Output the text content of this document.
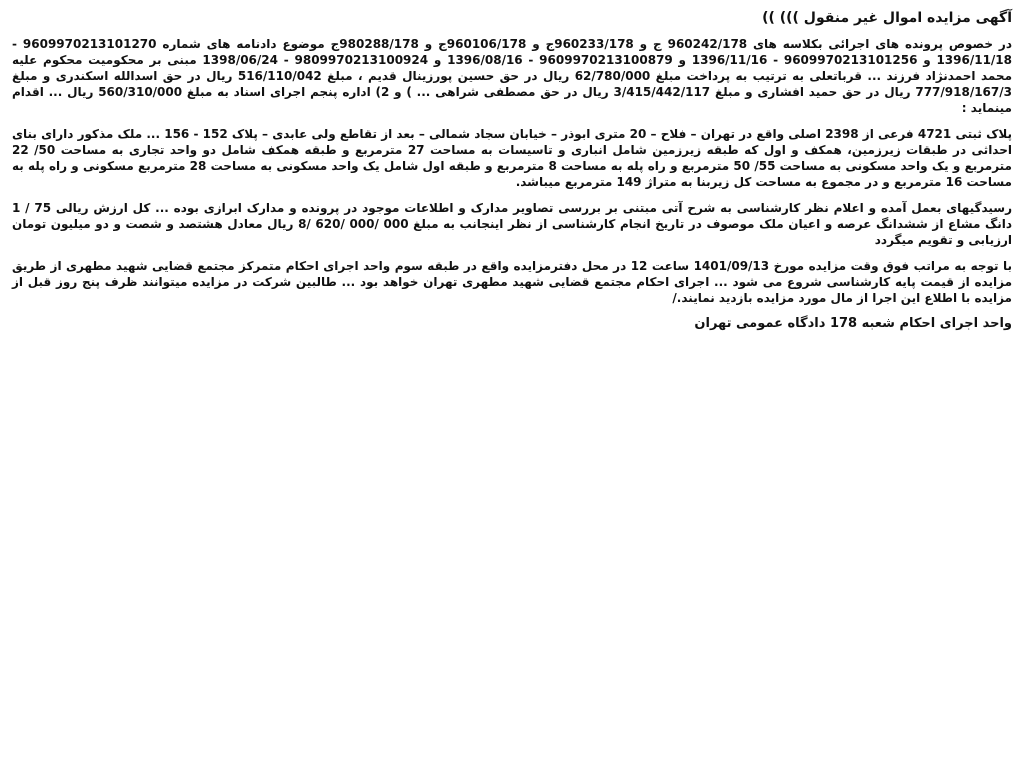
آگهی مزایده اموال غیر منقول ))) ))

در خصوص پرونده های اجرائی بکلاسه های 960242/178 ج و 960233/178ج و 960106/178ج و 980288/178ج موضوع دادنامه های شماره 9609970213101270 - 1396/11/18 و 9609970213101256 - 1396/11/16 و 9609970213100879 - 1396/08/16 و 9809970213100924 - 1398/06/24 مبنی بر محکومیت محکوم علیه محمد احمدنژاد فرزند ... قرباتعلی به ترتیب به پرداخت مبلغ 62/780/000 ریال در حق حسین پورزینال قدیم ، مبلغ 516/110/042 ریال در حق اسدالله اسکندری و مبلغ 777/918/167/3 ریال در حق حمید افشاری و مبلغ 3/415/442/117 ریال در حق مصطفی شراهی ... ) و 2) اداره پنجم اجرای اسناد به مبلغ 560/310/000 ریال ... اقدام مینماید :

پلاک ثبتی 4721 فرعی از 2398 اصلی واقع در تهران – فلاح – 20 متری ابوذر – خیابان سجاد شمالی – بعد از تقاطع ولی عابدی – پلاک 152 - 156 ... ملک مذکور دارای بنای احداثی در طبقات زیرزمین، همکف و اول که طبقه زیرزمین شامل انباری و تاسیسات به مساحت 27 مترمربع و طبقه همکف شامل دو واحد تجاری به مساحت 50/ 22 مترمربع و یک واحد مسکونی به مساحت 55/ 50 مترمربع و راه پله به مساحت 8 مترمربع و طبقه اول شامل یک واحد مسکونی به مساحت 28 مترمربع مسکونی و راه پله به مساحت 16 مترمربع و در مجموع به مساحت کل زیربنا به متراژ 149 مترمربع میباشد.

رسیدگیهای بعمل آمده و اعلام نظر کارشناسی به شرح آتی مبتنی بر بررسی تصاویر مدارک و اطلاعات موجود در پرونده و مدارک ابرازی بوده ... کل ارزش ریالی 75 / 1 دانگ مشاع از ششدانگ عرصه و اعیان ملک موصوف در تاریخ انجام کارشناسی از نظر اینجانب به مبلغ 000 /000 /620 /8 ریال معادل هشتصد و شصت و دو میلیون تومان ارزیابی و تقویم میگردد

با توجه به مراتب فوق وقت مزایده مورخ 1401/09/13 ساعت 12 در محل دفترمزایده واقع در طبقه سوم واحد اجرای احکام متمرکز مجتمع قضایی شهید مطهری از طریق مزایده از قیمت پایه کارشناسی شروع می شود ... اجرای احکام مجتمع قضایی شهید مطهری تهران خواهد بود ... طالبین شرکت در مزایده میتوانند ظرف پنج روز قبل از مزایده با اطلاع این اجرا از مال مورد مزایده بازدید نمایند./

واحد اجرای احکام شعبه 178 دادگاه عمومی تهران
